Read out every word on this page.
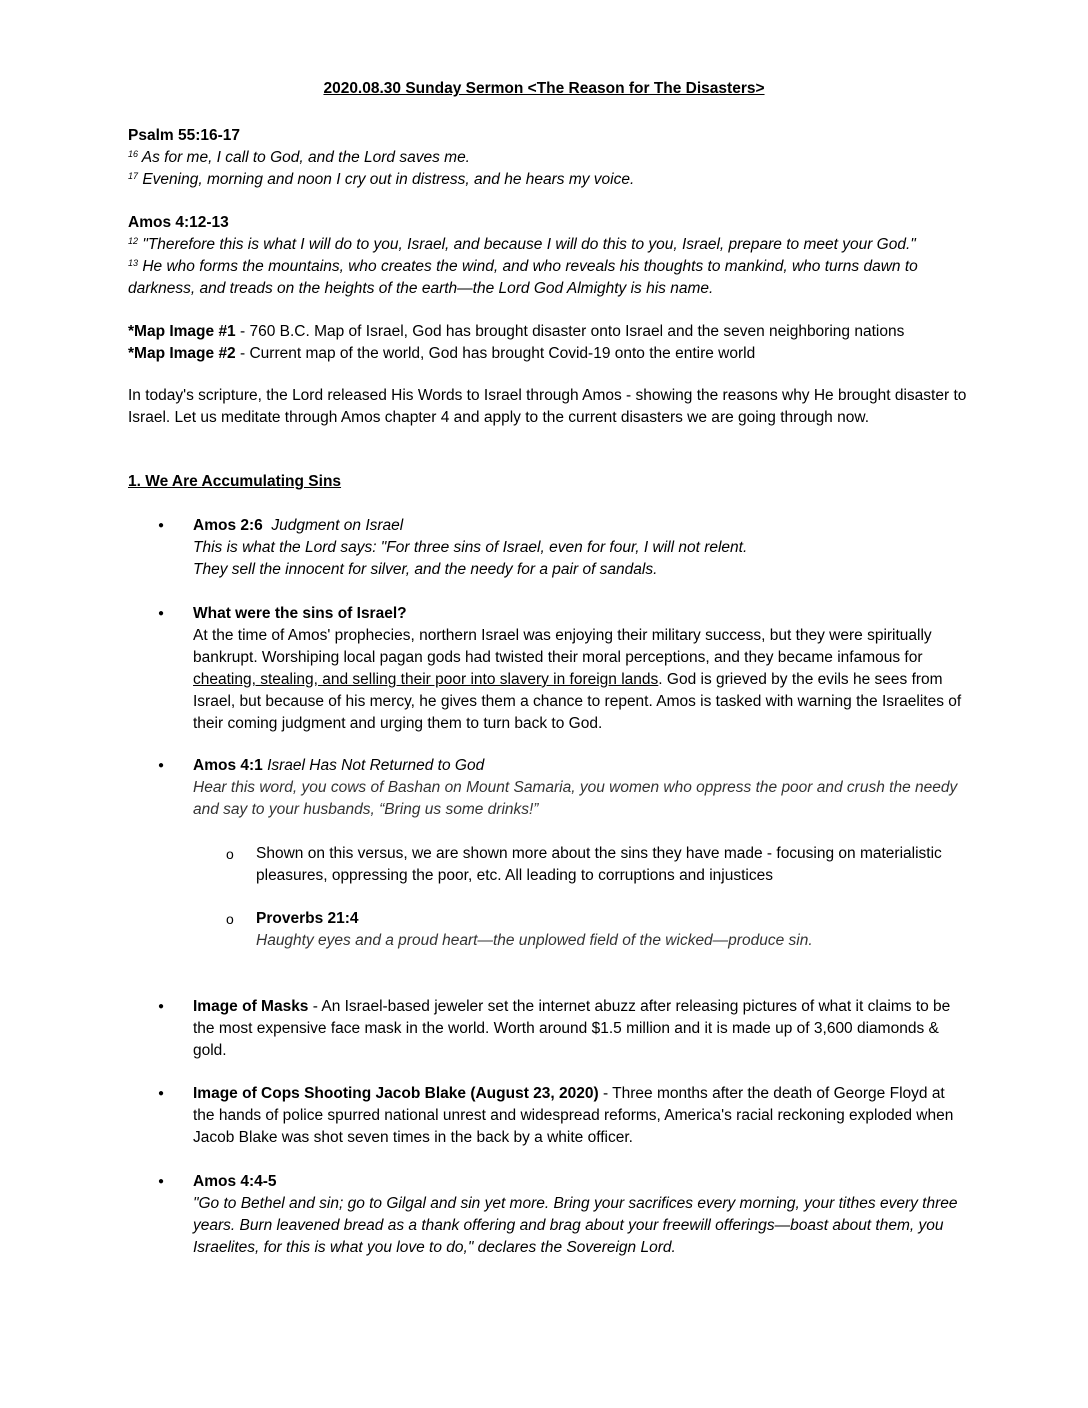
2020.08.30 Sunday Sermon <The Reason for The Disasters>

Psalm 55:16-17

$^{16}$ As for me, I call to God, and the Lord saves me.

$^{17}$ Evening, morning and noon I cry out in distress, and he hears my voice.

Amos 4:12-13

$^{12}$ "Therefore this is what I will do to you, Israel, and because I will do this to you, Israel, prepare to meet your God."

$^{13}$ He who forms the mountains, who creates the wind, and who reveals his thoughts to mankind, who turns dawn to darkness, and treads on the heights of the earth—the Lord God Almighty is his name.

*Map Image #1 - 760 B.C. Map of Israel, God has brought disaster onto Israel and the seven neighboring nations

*Map Image #2 - Current map of the world, God has brought Covid-19 onto the entire world

In today's scripture, the Lord released His Words to Israel through Amos - showing the reasons why He brought disaster to Israel. Let us meditate through Amos chapter 4 and apply to the current disasters we are going through now.
1. We Are Accumulating Sins
● Amos 2:6 Judgment on Israel

This is what the Lord says: "For three sins of Israel, even for four, I will not relent.

They sell the innocent for silver, and the needy for a pair of sandals.

● What were the sins of Israel?

At the time of Amos' prophecies, northern Israel was enjoying their military success, but they were spiritually bankrupt. Worshiping local pagan gods had twisted their moral perceptions, and they became infamous for cheating, stealing, and selling their poor into slavery in foreign lands. God is grieved by the evils he sees from Israel, but because of his mercy, he gives them a chance to repent. Amos is tasked with warning the Israelites of their coming judgment and urging them to turn back to God.

● Amos 4:1 Israel Has Not Returned to God

Hear this word, you cows of Bashan on Mount Samaria, you women who oppress the poor and crush the needy and say to your husbands, “Bring us some drinks!”

o Shown on this versus, we are shown more about the sins they have made - focusing on materialistic pleasures, oppressing the poor, etc. All leading to corruptions and injustices
o Proverbs 21:4

Haughty eyes and a proud heart—the unplowed field of the wicked—produce sin.

● Image of Masks - An Israel-based jeweler set the internet abuzz after releasing pictures of what it claims to be the most expensive face mask in the world. Worth around $1.5 million and it is made up of 3,600 diamonds & gold.
● Image of Cops Shooting Jacob Blake (August 23, 2020) - Three months after the death of George Floyd at the hands of police spurred national unrest and widespread reforms, America's racial reckoning exploded when Jacob Blake was shot seven times in the back by a white officer.
● Amos 4:4-5

"Go to Bethel and sin; go to Gilgal and sin yet more. Bring your sacrifices every morning, your tithes every three years. Burn leavened bread as a thank offering and brag about your freewill offerings—boast about them, you Israelites, for this is what you love to do," declares the Sovereign Lord.
